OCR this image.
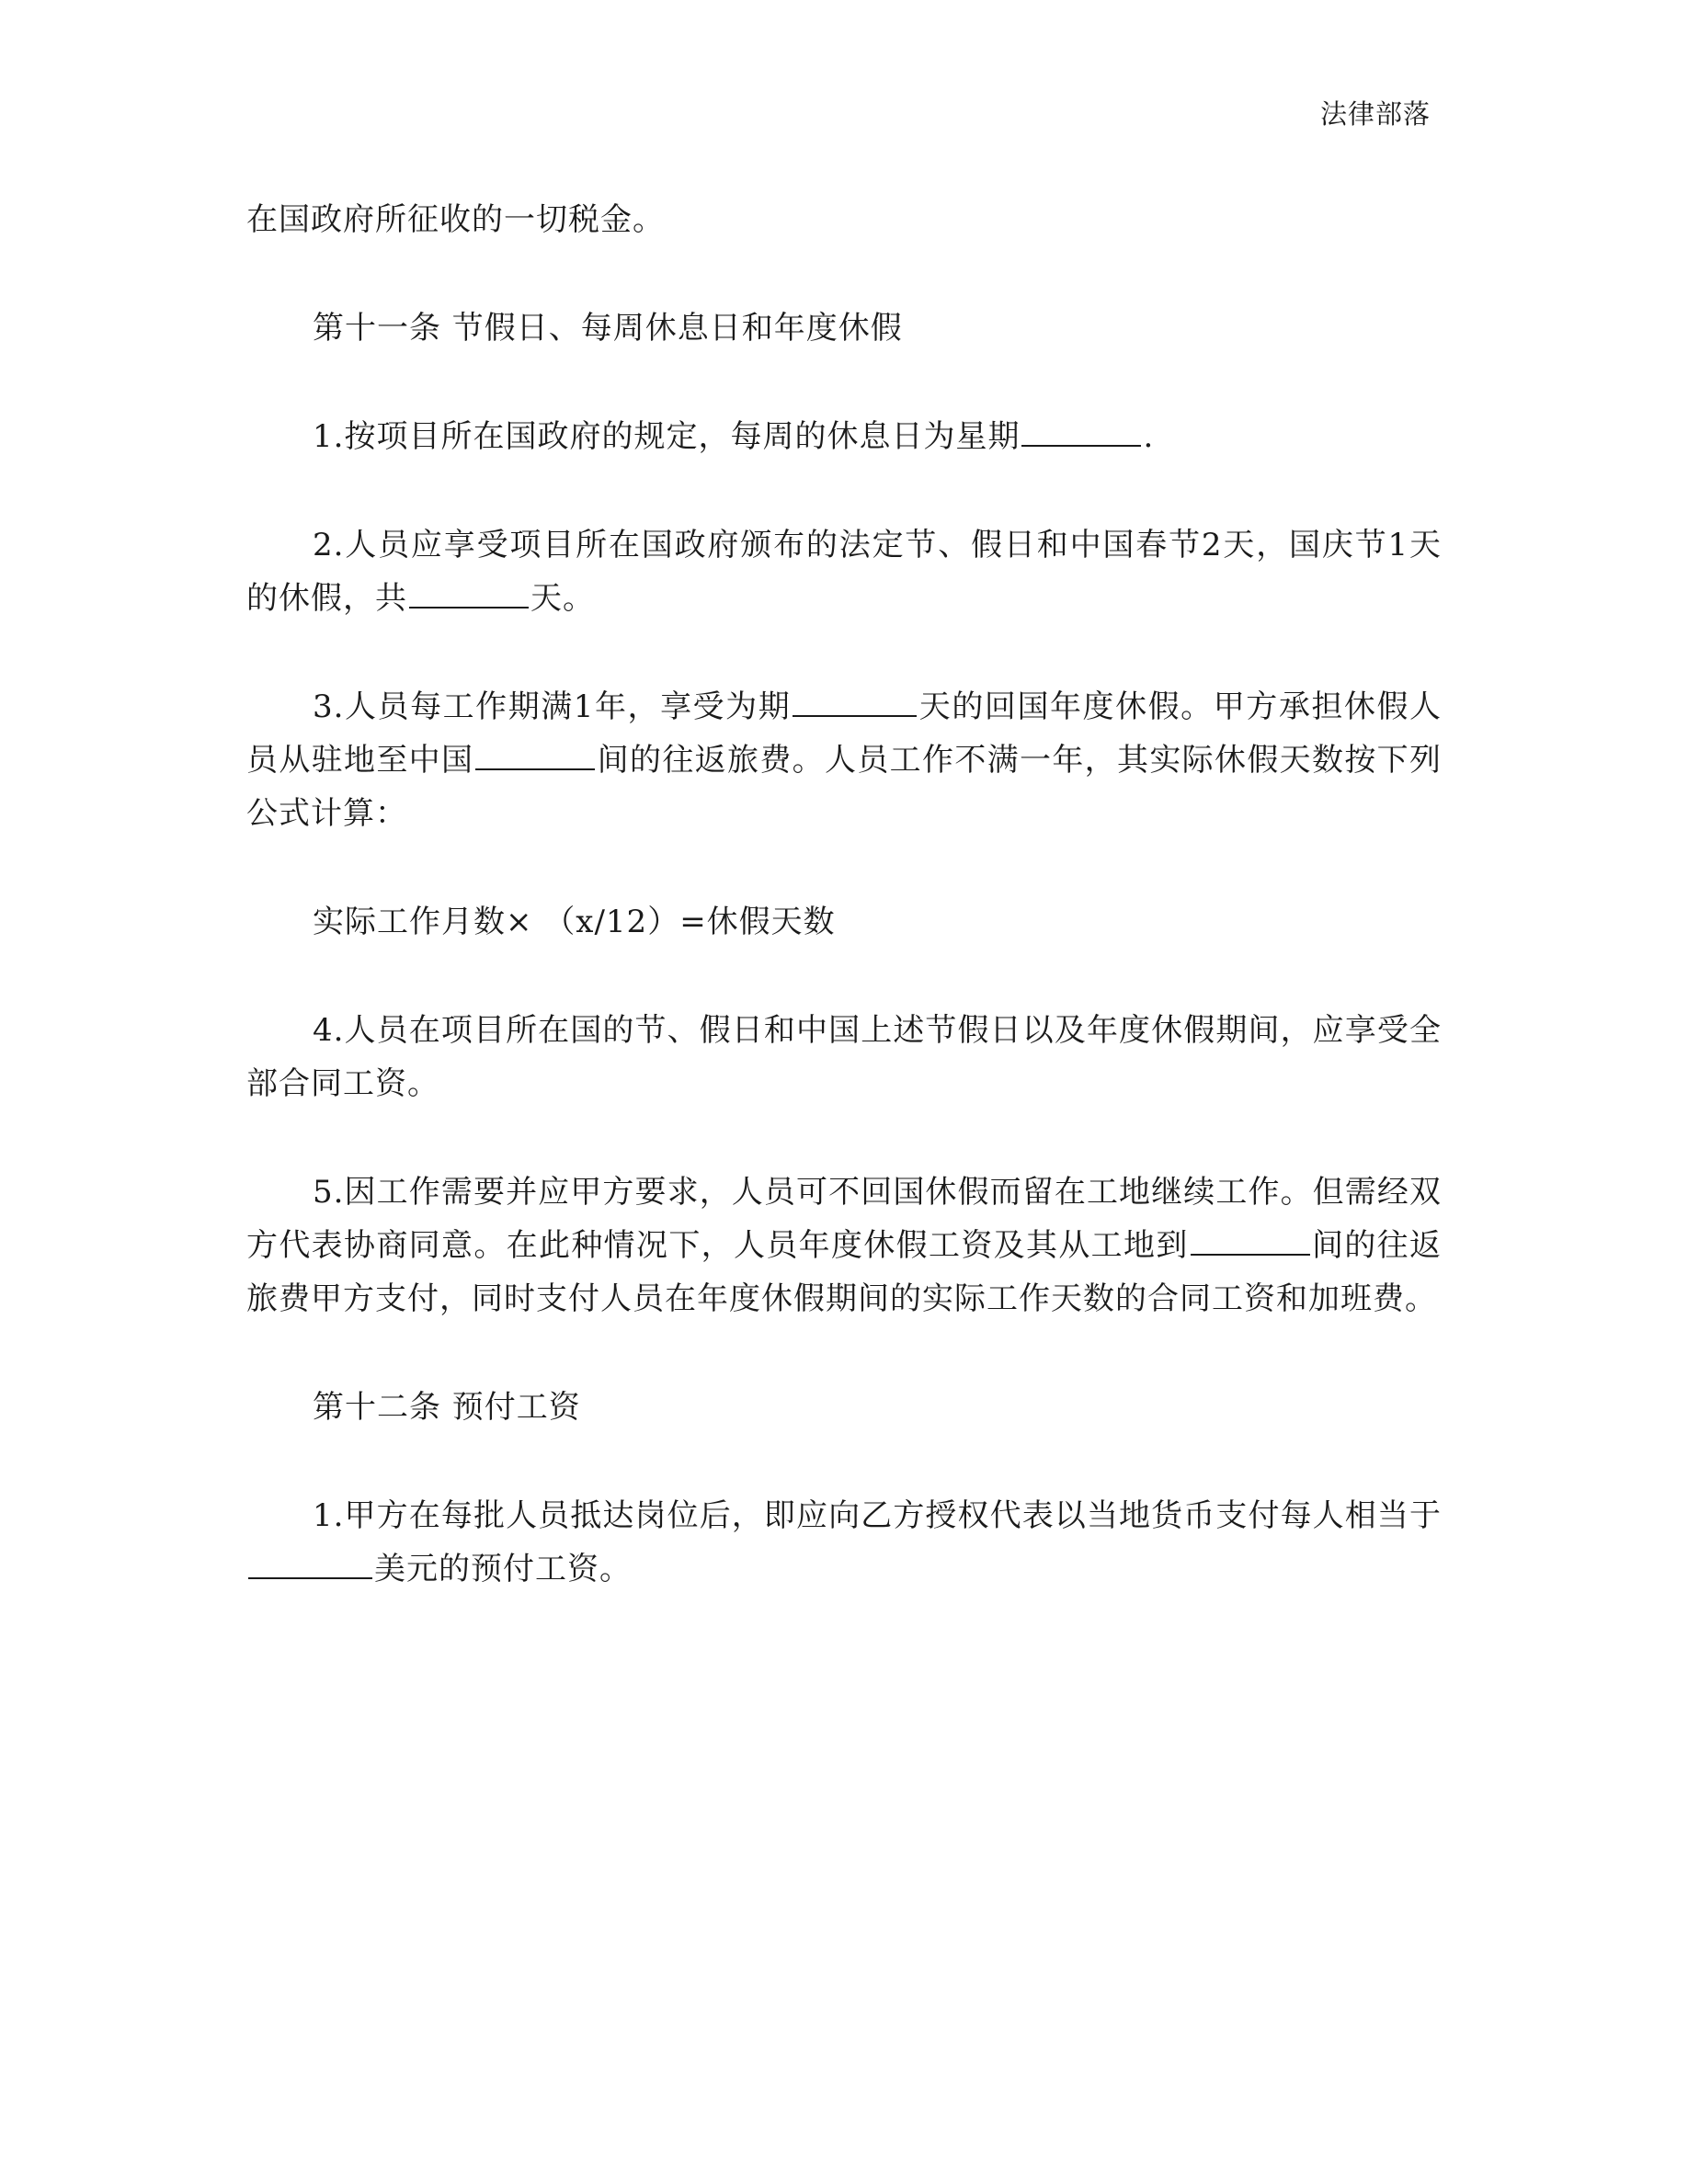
法律部落

在国政府所征收的一切税金。

第十一条 节假日、每周休息日和年度休假

1.按项目所在国政府的规定，每周的休息日为星期	.

2.人员应享受项目所在国政府颁布的法定节、假日和中国春节2天，国庆节1天的休假，共	天。

3.人员每工作期满1年，享受为期	天的回国年度休假。甲方承担休假人员从驻地至中国	间的往返旅费。人员工作不满一年，其实际休假天数按下列公式计算：

实际工作月数× （x/12）=休假天数

4.人员在项目所在国的节、假日和中国上述节假日以及年度休假期间，应享受全部合同工资。

5.因工作需要并应甲方要求，人员可不回国休假而留在工地继续工作。但需经双方代表协商同意。在此种情况下，人员年度休假工资及其从工地到	间的往返旅费甲方支付，同时支付人员在年度休假期间的实际工作天数的合同工资和加班费。

第十二条 预付工资

1.甲方在每批人员抵达岗位后，即应向乙方授权代表以当地货币支付每人相当于美元的预付工资。
